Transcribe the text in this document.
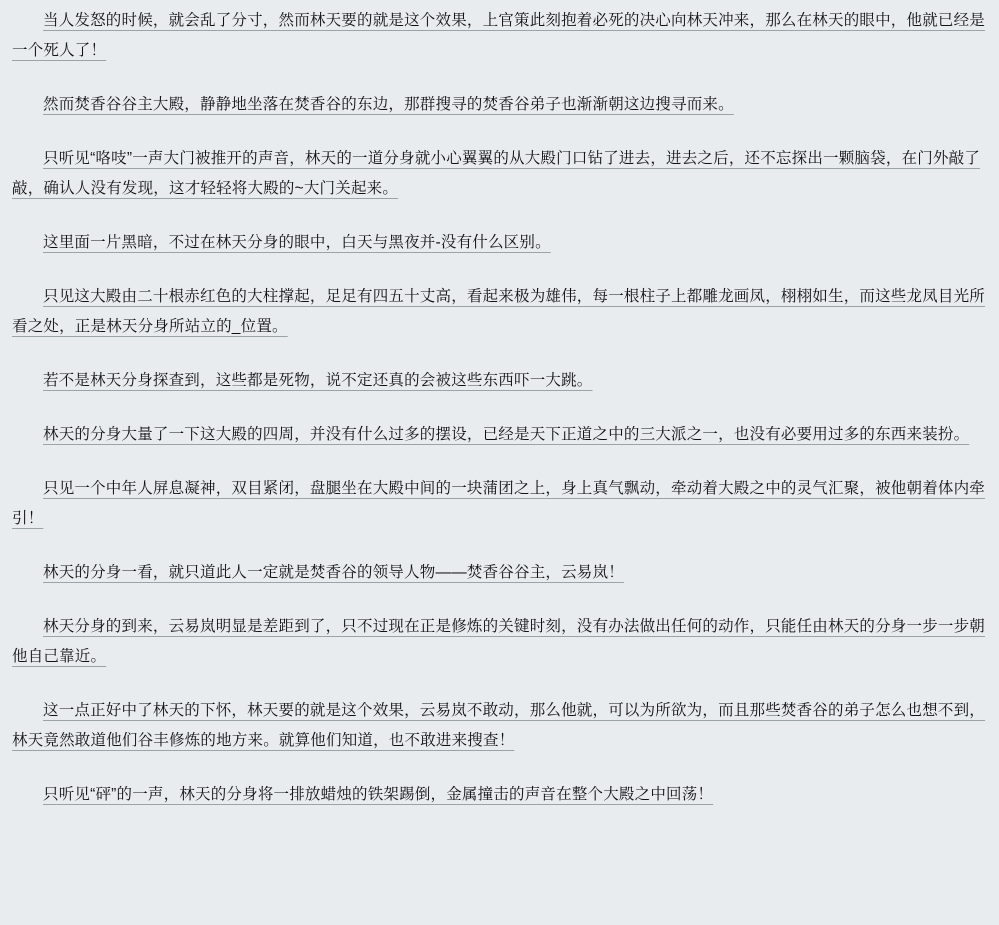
当人发怒的时候，就会乱了分寸，然而林天要的就是这个效果，上官策此刻抱着必死的决心向林天冲来，那么在林天的眼中，他就已经是一个死人了！

然而焚香谷谷主大殿，静静地坐落在焚香谷的东边，那群搜寻的焚香谷弟子也渐渐朝这边搜寻而来。

只听见“咯吱”一声大门被推开的声音，林天的一道分身就小心翼翼的从大殿门口钻了进去，进去之后，还不忘探出一颗脑袋，在门外敲了敲，确认人没有发现，这才轻轻将大殿的~大门关起来。

这里面一片黑暗，不过在林天分身的眼中，白天与黑夜并-没有什么区别。

只见这大殿由二十根赤红色的大柱撑起，足足有四五十丈高，看起来极为雄伟，每一根柱子上都雕龙画凤，栩栩如生，而这些龙凤目光所看之处，正是林天分身所站立的_位置。

若不是林天分身探查到，这些都是死物，说不定还真的会被这些东西吓一大跳。

林天的分身大量了一下这大殿的四周，并没有什么过多的摆设，已经是天下正道之中的三大派之一，也没有必要用过多的东西来装扮。

只见一个中年人屏息凝神，双目紧闭，盘腿坐在大殿中间的一块蒲团之上，身上真气飘动，牵动着大殿之中的灵气汇聚，被他朝着体内牵引！

林天的分身一看，就只道此人一定就是焚香谷的领导人物——焚香谷谷主，云易岚！

林天分身的到来，云易岚明显是差距到了，只不过现在正是修炼的关键时刻，没有办法做出任何的动作，只能任由林天的分身一步一步朝他自己靠近。

这一点正好中了林天的下怀，林天要的就是这个效果，云易岚不敢动，那么他就，可以为所欲为，而且那些焚香谷的弟子怎么也想不到，林天竟然敢道他们谷丰修炼的地方来。就算他们知道，也不敢进来搜查！

只听见“砰”的一声，林天的分身将一排放蜡烛的铁架踢倒，金属撞击的声音在整个大殿之中回荡！
